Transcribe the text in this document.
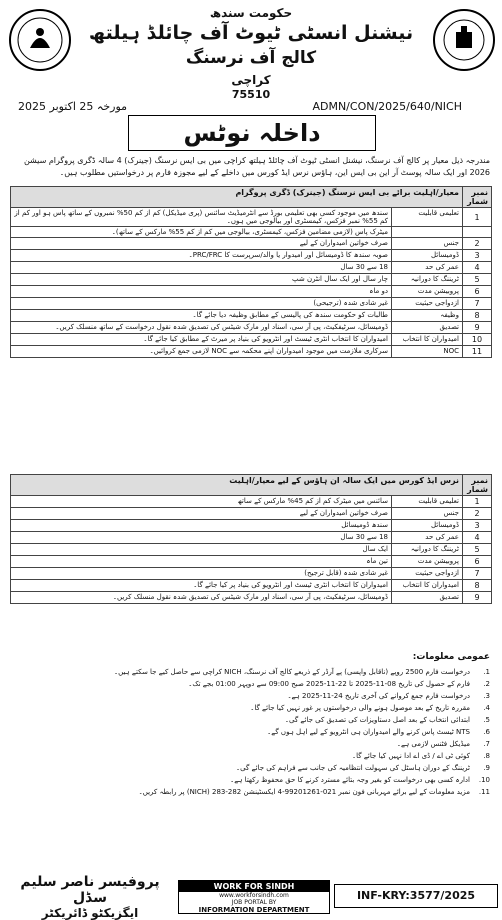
حکومت سندھ
نیشنل انسٹی ٹیوٹ آف چائلڈ ہیلتھ
کالج آف نرسنگ
کراچی
75510
مورخہ 25 اکتوبر 2025	ADMN/CON/2025/640/NICH
داخلہ نوٹس
مندرجہ ذیل معیار پر کالج آف نرسنگ، نیشنل انسٹی ٹیوٹ آف چائلڈ ہیلتھ کراچی میں بی ایس نرسنگ (جینرک) 4 سالہ ڈگری پروگرام سیشن 2026 اور ایک سالہ پوسٹ آر این بی ایس این، ہاؤس نرس ایڈ کورس میں داخلے کے لیے مجوزہ فارم پر درخواستیں مطلوب ہیں۔
نمبر شمار	معیار/اہلیت برائے بی ایس نرسنگ (جینرک) ڈگری پروگرام	
1	تعلیمی قابلیت	سندھ میں موجود کسی بھی تعلیمی بورڈ سے انٹرمیڈیٹ سائنس (پری میڈیکل) کم از کم 50% نمبروں کے ساتھ پاس ہو اور کم از کم 55% نمبر فزکس، کیمسٹری اور بیالوجی میں ہوں۔
		میٹرک پاس (لازمی مضامین فزکس، کیمسٹری، بیالوجی میں کم از کم 55% مارکس کے ساتھ)۔
2	جنس	صرف خواتین امیدواران کے لیے
3	ڈومیسائل	صوبہ سندھ کا ڈومیسائل اور امیدوار یا والد/سرپرست کا PRC/FRC۔
4	عمر کی حد	18 سے 30 سال
5	ٹریننگ کا دورانیہ	چار سال اور ایک سال انٹرن شپ
6	پروبیشن مدت	دو ماہ
7	ازدواجی حیثیت	غیر شادی شدہ (ترجیحی)
8	وظیفہ	طالبات کو حکومت سندھ کی پالیسی کے مطابق وظیفہ دیا جائے گا۔
9	تصدیق	ڈومیسائل، سرٹیفکیٹ، پی آر سی، اسناد اور مارک شیٹس کی تصدیق شدہ نقول درخواست کے ساتھ منسلک کریں۔
10	امیدواران کا انتخاب	امیدواران کا انتخاب انٹری ٹیسٹ اور انٹرویو کی بنیاد پر میرٹ کے مطابق کیا جائے گا۔
11	NOC	سرکاری ملازمت میں موجود امیدواران اپنے محکمہ سے NOC لازمی جمع کروائیں۔
نمبر شمار	نرس ایڈ کورس میں ایک سالہ ان ہاؤس کے لیے معیار/اہلیت	
1	تعلیمی قابلیت	سائنس میں میٹرک کم از کم 45% مارکس کے ساتھ
2	جنس	صرف خواتین امیدواران کے لیے
3	ڈومیسائل	سندھ ڈومیسائل
4	عمر کی حد	18 سے 30 سال
5	ٹریننگ کا دورانیہ	ایک سال
6	پروبیشن مدت	تین ماہ
7	ازدواجی حیثیت	غیر شادی شدہ (قابل ترجیح)
8	امیدواران کا انتخاب	امیدواران کا انتخاب انٹری ٹیسٹ اور انٹرویو کی بنیاد پر کیا جائے گا۔
9	تصدیق	ڈومیسائل، سرٹیفکیٹ، پی آر سی، اسناد اور مارک شیٹس کی تصدیق شدہ نقول منسلک کریں۔
عمومی معلومات:
1.
درخواست فارم 2500 روپے (ناقابل واپسی) پے آرڈر کے ذریعے کالج آف نرسنگ، NICH کراچی سے حاصل کیے جا سکتے ہیں۔
2.
فارم کے حصول کی تاریخ 08-11-2025 تا 22-11-2025 صبح 09:00 سے دوپہر 01:00 بجے تک۔
3.
درخواست فارم جمع کروانے کی آخری تاریخ 24-11-2025 ہے۔
4.
مقررہ تاریخ کے بعد موصول ہونے والی درخواستوں پر غور نہیں کیا جائے گا۔
5.
ابتدائی انتخاب کے بعد اصل دستاویزات کی تصدیق کی جائے گی۔
6.
NTS ٹیسٹ پاس کرنے والے امیدواران ہی انٹرویو کے لیے اہل ہوں گے۔
7.
میڈیکل فٹنس لازمی ہے۔
8.
کوئی ٹی اے / ڈی اے ادا نہیں کیا جائے گا۔
9.
ٹریننگ کے دوران ہاسٹل کی سہولت انتظامیہ کی جانب سے فراہم کی جائے گی۔
10.
ادارہ کسی بھی درخواست کو بغیر وجہ بتائے مسترد کرنے کا حق محفوظ رکھتا ہے۔
11.
مزید معلومات کے لیے برائے مہربانی فون نمبر 021-99201261-4 ایکسٹینشن 282-283 (NICH) پر رابطہ کریں۔
پروفیسر ناصر سلیم سڈل
ایگزیکٹو ڈائریکٹر
WORK FOR SINDH
www.workforsindh.com
JOB PORTAL BY
INFORMATION DEPARTMENT
INF-KRY:3577/2025
